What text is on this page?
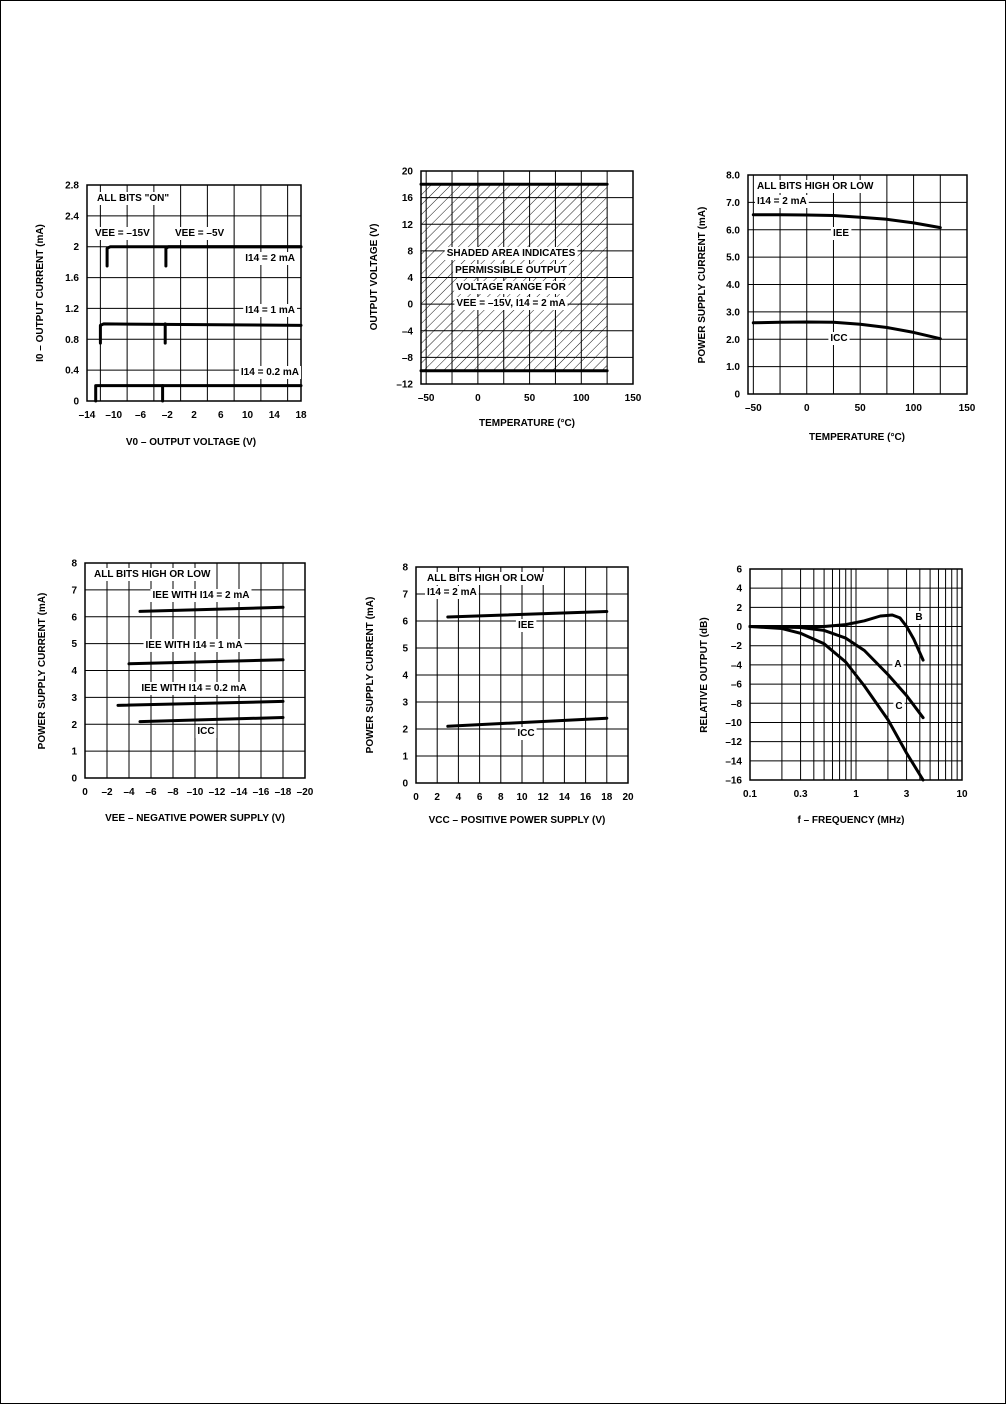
0
0.4
0.8
1.2
1.6
2
2.4
2.8
–14 –10 –6 –2 2 6 10 14 18
V0 – OUTPUT VOLTAGE (V)
I0 – OUTPUT CURRENT (mA)
ALL BITS "ON"
VEE = –15V	VEE = –5V
I14 = 2 mA
I14 = 1 mA
I14 = 0.2 mA
–12
–8
–4
0
4
8
12
16
20
–50	0	50	100	150
TEMPERATURE (°C)
OUTPUT VOLTAGE (V)	SHADED AREA INDICATES
PERMISSIBLE OUTPUT
VOLTAGE RANGE FOR
VEE = –15V, I14 = 2 mA
0
1.0
2.0
3.0
4.0
5.0
6.0
7.0
8.0
–50	0	50	100	150
TEMPERATURE (°C)
POWER SUPPLY CURRENT (mA)
ALL BITS HIGH OR LOW
I14 = 2 mA
IEE
ICC
0
1
2
3
4
5
6
7
8
0 –2 –4 –6 –8 –10 –12 –14 –16 –18 –20
VEE – NEGATIVE POWER SUPPLY (V)
POWER SUPPLY CURRENT (mA)
ALL BITS HIGH OR LOW
IEE WITH I14 = 2 mA
IEE WITH I14 = 1 mA
IEE WITH I14 = 0.2 mA
ICC
0
1
2
3
4
5
6
7
8
0 2 4 6 8 10 12 14 16 18 20
VCC – POSITIVE POWER SUPPLY (V)
POWER SUPPLY CURRENT (mA)
ALL BITS HIGH OR LOW
I14 = 2 mA
IEE
ICC
–16
–14
–12
–10
–8
–6
–4
–2
0
2
4
6
0.1	0.3	1	3	10
f – FREQUENCY (MHz)
RELATIVE OUTPUT (dB)	A
B
C
